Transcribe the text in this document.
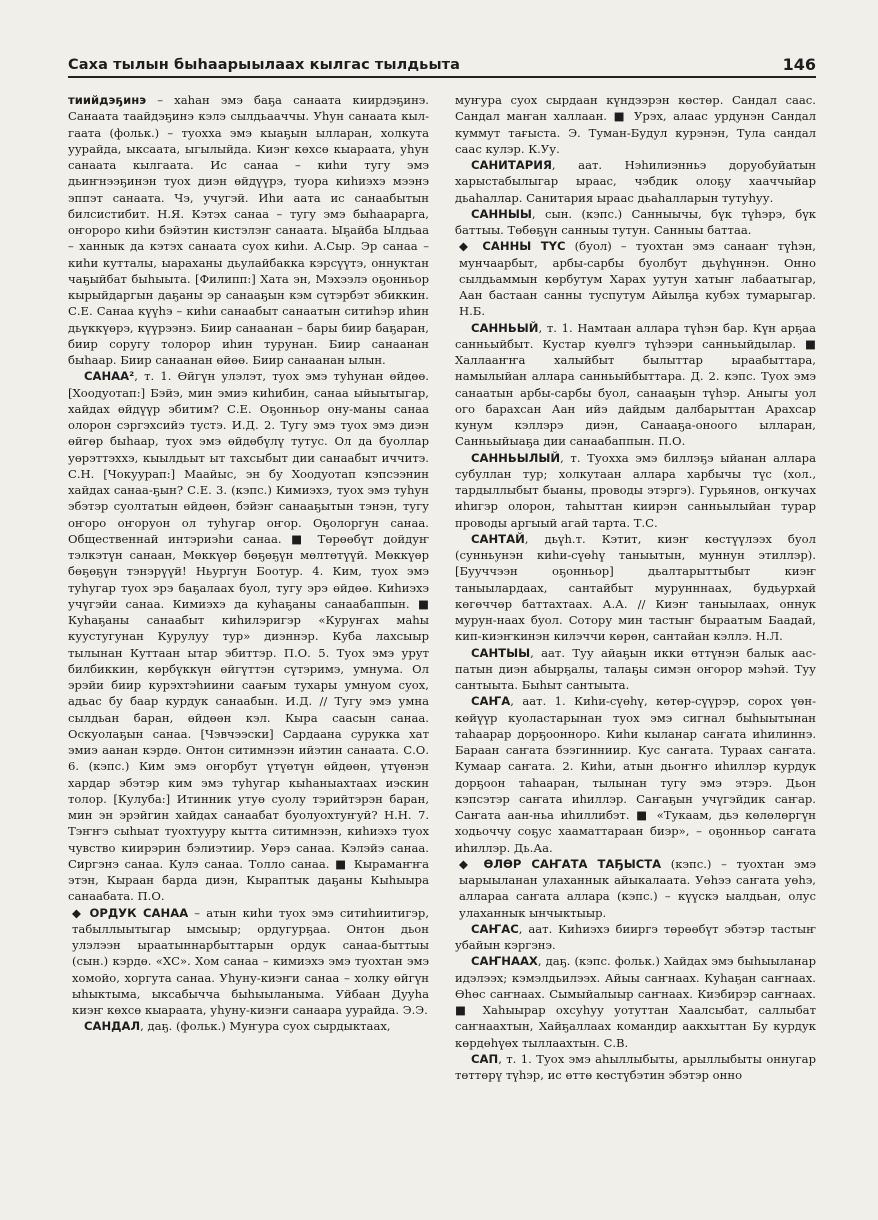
Саха тылын быһаарыылаах кылгас тылдьыта	146

тиийдэҕинэ – хаһан эмэ баҕа санаата киирдэҕинэ. Санаата таайдэҕинэ кэлэ сылдьааччы. Уһун санаата кыл-гаата (фольк.) – туохха эмэ кыаҕын ылларан, холкута уурайда, ыксаата, ыгылыйда. Киэҥ көхсө кыараата, уһун санаата кылгаата. Ис санаа – киһи тугу эмэ дьиҥнээҕинэн туох диэн өйдүүрэ, туора киһиэхэ мээнэ эппэт санаата. Чэ, учугэй. Иһи аата ис санаабытын билсистибит. Н.Я. Кэтэх санаа – тугу эмэ быһаарарга, оҥороро киһи бэйэтин кистэлэҥ санаата. Ыҕайба Ылдьаа – ханнык да кэтэх санаата суох киһи. А.Сыр. Эр санаа – киһи кутталы, ыараханы дьулайбакка кэрсүүтэ, оннуктан чаҕыйбат быһыыта. [Филипп:] Хата эн, Мэхээлэ оҕонньор кырыйдаргын даҕаны эр санааҕын кэм сүтэрбэт эбиккин. С.Е. Санаа күүһэ – киһи санаабыт санаатын ситиһэр иһин дьүккүөрэ, күүрээнэ. Биир санаанан – бары биир баҕаран, биир соругу толорор иһин турунан. Биир санаанан быһаар. Биир санаанан өйөө. Биир санаанан ылын.

САНАА², т. 1. Өйгүн улэлэт, туох эмэ туһунан өйдөө. [Хоодуотап:] Бэйэ, мин эмиэ киһибин, санаа ыйыытыгар, хайдах өйдүүр эбитим? С.Е. Оҕонньор ону-маны санаа олорон сэргэхсийэ тустэ. И.Д. 2. Тугу эмэ туох эмэ диэн өйгөр быһаар, туох эмэ өйдөбүлү тутус. Ол да буоллар уөрэттэххэ, кыылдьыт ыт тахсыбыт дии санаабыт иччитэ. С.Н. [Чокуурап:] Маайыс, эн бу Хоодуотап кэпсээнин хайдах санаа-ҕын? С.Е. 3. (кэпс.) Кимиэхэ, туох эмэ туһун эбэтэр суолтатын өйдөөн, бэйэҥ санааҕытын тэнэн, тугу оҥоро оҥоруон ол туһугар оҥор. Оҕолоргун санаа. Общественнай интэриэһи санаа. ■ Төрөөбүт дойдуҥ тэлкэтүн санаан, Мөккүөр бөҕөҕүн мөлтөтүүй. Мөккүөр бөҕөҕүн тэнэрүүй! Ньургун Боотур. 4. Ким, туох эмэ туһугар туох эрэ баҕалаах буол, тугу эрэ өйдөө. Киһиэхэ учүгэйи санаа. Кимиэхэ да куһаҕаны санаабаппын. ■ Куһаҕаны санаабыт киһилэригэр «Куруҥах маһы куустугунан Курулуу тур» диэннэр. Куба лахсыыр тылынан Куттаан ытар эбиттэр. П.О. 5. Туох эмэ урут билбиккин, көрбүккүн өйгүттэн сүтэримэ, умнума. Ол эрэйи биир курэхтэһиини саағым тухары умнуом суох, адьас бу баар курдук санаабын. И.Д. // Тугу эмэ умна сылдьан баран, өйдөөн кэл. Кыра саасын санаа. Оскуолаҕын санаа. [Чэвчээски] Сардаана сурукка хат эмиэ аанан кэрдө. Онтон ситимнээн ийэтин санаата. С.О. 6. (кэпс.) Ким эмэ оҥорбут үтүөтүн өйдөөн, үтүөнэн хардар эбэтэр ким эмэ туһугар кыһаныахтаах иэскин толор. [Кулуба:] Итинник утуө суолу тэрийтэрэн баран, мин эн эрэйгин хайдах санаабат буолуохтуҥуй? Н.Н. 7. Тэҥҥэ сыһыат туохтууру кытта ситимнээн, киһиэхэ туох чувство киирэрин бэлиэтиир. Уөрэ санаа. Кэлэйэ санаа. Сиргэнэ санаа. Кулэ санаа. Толло санаа. ■ Кырамаҥҥа этэн, Кыраан барда диэн, Кыраптык даҕаны Кыһыыра санаабата. П.О.

◆ ОРДУК САНАА – атын киһи туох эмэ ситиһиитигэр, табыллыытыгар ымсыыр; ордугурҕаа. Онтон дьон улэлээн ыраатыннарбыттарын ордук санаа-быттыы (сын.) кэрдө. «ХС». Хом санаа – кимиэхэ эмэ туохтан эмэ хомойо, хоргута санаа. Уһуну-киэҥи санаа – холку өйгүн ыһыктыма, ыксабычча быһыыланыма. Уйбаан Дууһа киэҥ көхсө кыараата, уһуну-киэҥи санаара уурайда. Э.Э.

САНДАЛ, даҕ. (фольк.) Муҥура суох сырдыктаах,

муҥура суох сырдаан күндээрэн көстөр. Сандал саас. Сандал маҥан халлаан. ■ Урэх, алаас урдунэн Сандал куммут тағыста. Э. Туман-Будул курэнэн, Тула сандал саас кулэр. К.Уу.

САНИТАРИЯ, аат. Нэһилиэнньэ доруобуйатын харыстабылыгар ыраас, чэбдик олоҕу хааччыйар дьаһаллар. Санитария ыраас дьаһалларын тутуһуу.

САННЫЫ, сын. (кэпс.) Санныычы, бүк түһэрэ, бүк баттыы. Төбөҕүн санныы тутун. Санныы баттаа.

◆ САННЫ ТҮС (буол) – туохтан эмэ санааҥ түһэн, мунчаарбыт, арбы-сарбы буолбут дьүһүннэн. Онно сылдьаммын көрбутум Харах уутун хатыҥ лабаатыгар, Аан бастаан санны туспутум Айылҕа кубэх тумарыгар. Н.Б.

САННЬЫЙ, т. 1. Намтаан аллара түһэн бар. Күн арҕаа санньыйбыт. Кустар куөлгэ түһээри санньыйдылар. ■ Халлааҥҥа халыйбыт былыттар ыраабыттара, намылыйан аллара санньыйбыттара. Д. 2. кэпс. Туох эмэ санаатын арбы-сарбы буол, санааҕын түһэр. Аныгы уол ого барахсан Аан ийэ дайдым далбарыттан Арахсар кунум кэллэрэ диэн, Санааҕа-оноого ылларан, Санньыйыаҕа дии санаабаппын. П.О.

САННЬЫЛЫЙ, т. Туохха эмэ биллэҕэ ыйанан аллара субуллан тур; холкутаан аллара харбычы түс (хол., тардыллыбыт быаны, проводы этэргэ). Гурьянов, оҥкучах иһигэр олорон, таһыттан киирэн санньылыйан турар проводы аргыый агай тарта. Т.С.

САНТАЙ, дьүһ.т. Кэтит, киэҥ көстүүлээх буол (сунньунэн киһи-сүөһү таныытын, муннун этиллэр). [Бууччээн оҕонньор] дьалтарыттыбыт киэҥ таныылардаах, сантайбыт мурунннаах, будьурхай көгөччөр баттахтаах. А.А. // Киэҥ таныылаах, оннук мурун-наах буол. Сотору мин тастыҥ быраатым Баадай, кип-киэҥкинэн килэччи көрөн, сантайан кэллэ. Н.Л.

САНТЫЫ, аат. Туу айаҕын икки өттүнэн балык аас-патын диэн абырҕалы, талаҕы симэн оҥорор мэһэй. Туу сантыыта. Быһыт сантыыта.

САҤА, аат. 1. Киһи-сүөһү, көтөр-сүүрэр, сорох үөн-көйүүр куоластарынан туох эмэ сигнал быһыытынан таһаарар дорҕоонноро. Киһи кыланар саҥата иһилиннэ. Бараан саҥата бээгинниир. Кус саҥата. Тураах саҥата. Кумаар саҥата. 2. Киһи, атын дьоҥҥо иһиллэр курдук дорҕоон таһааран, тылынан тугу эмэ этэрэ. Дьон кэпсэтэр саҥата иһиллэр. Саҥаҕын учүгэйдик саҥар. Саҥата аан-ньа иһиллибэт. ■ «Тукаам, дьэ көлөлөргүн ходьоччу соҕус хааматтараан биэр», – оҕонньор саҥата иһиллэр. Дь.Аа.

◆ ӨЛӨР САҤАТА ТАҔЫСТА (кэпс.) – туохтан эмэ ыарыыланан улаханнык айыкалаата. Уөһээ саҥата уөһэ, аллараа саҥата аллара (кэпс.) – күүскэ ыалдьан, олус улаханнык ынчыктыыр.

САҤАС, аат. Киһиэхэ бииргэ төрөөбүт эбэтэр тастыҥ убайын кэргэнэ.

САҤНААХ, даҕ. (кэпс. фольк.) Хайдах эмэ быһыыланар идэлээх; кэмэлдьилээх. Айыы саҥнаах. Куһаҕан саҥнаах. Өһөс саҥнаах. Сымыйалыыр саҥнаах. Киэбирэр саҥнаах. ■ Хаһыырар охсуһуу уотуттан Хаалсыбат, саллыбат саҥнаахтын, Хайҕаллаах командир аакхыттан Бу курдук көрдөһүөх тыллаахтын. С.В.

САП, т. 1. Туох эмэ аһыллыбыты, арыллыбыты оннугар төттөрү түһэр, ис өттө көстүбэтин эбэтэр онно
